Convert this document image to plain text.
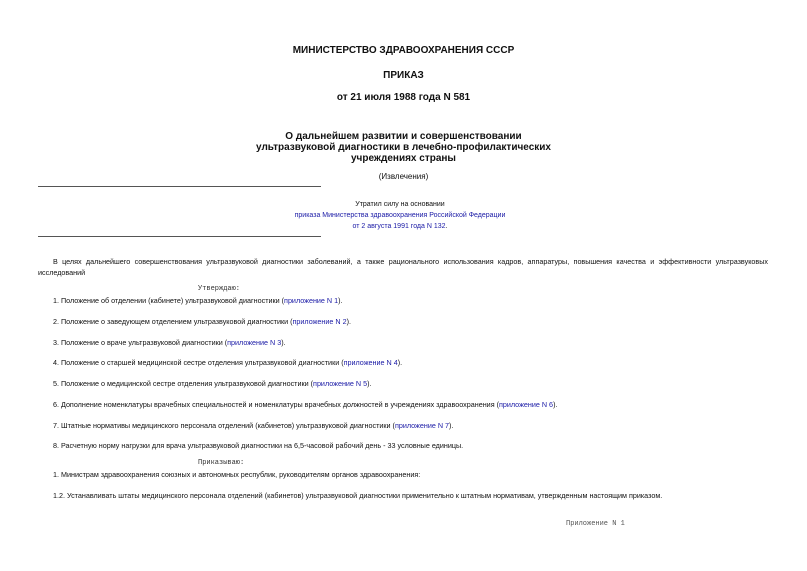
МИНИСТЕРСТВО ЗДРАВООХРАНЕНИЯ СССР
ПРИКАЗ
от 21 июля 1988 года N 581
О дальнейшем развитии и совершенствовании
ультразвуковой диагностики в лечебно-профилактических
учреждениях страны
(Извлечения)
Утратил силу на основании
приказа Министерства здравоохранения Российской Федерации
от 2 августа 1991 года N 132.
В целях дальнейшего совершенствования ультразвуковой диагностики заболеваний, а также рационального использования кадров, аппаратуры, повышения качества и эффективности ультразвуковых исследований
Утверждаю:
1. Положение об отделении (кабинете) ультразвуковой диагностики (приложение N 1).
2. Положение о заведующем отделением ультразвуковой диагностики (приложение N 2).
3. Положение о враче ультразвуковой диагностики (приложение N 3).
4. Положение о старшей медицинской сестре отделения ультразвуковой диагностики (приложение N 4).
5. Положение о медицинской сестре отделения ультразвуковой диагностики (приложение N 5).
6. Дополнение номенклатуры врачебных специальностей и номенклатуры врачебных должностей в учреждениях здравоохранения (приложение N 6).
7. Штатные нормативы медицинского персонала отделений (кабинетов) ультразвуковой диагностики (приложение N 7).
8. Расчетную норму нагрузки для врача ультразвуковой диагностики на 6,5-часовой рабочий день - 33 условные единицы.
Приказываю:
1. Министрам здравоохранения союзных и автономных республик, руководителям органов здравоохранения:
1.2. Устанавливать штаты медицинского персонала отделений (кабинетов) ультразвуковой диагностики применительно к штатным нормативам, утвержденным настоящим приказом.
Приложение N 1
